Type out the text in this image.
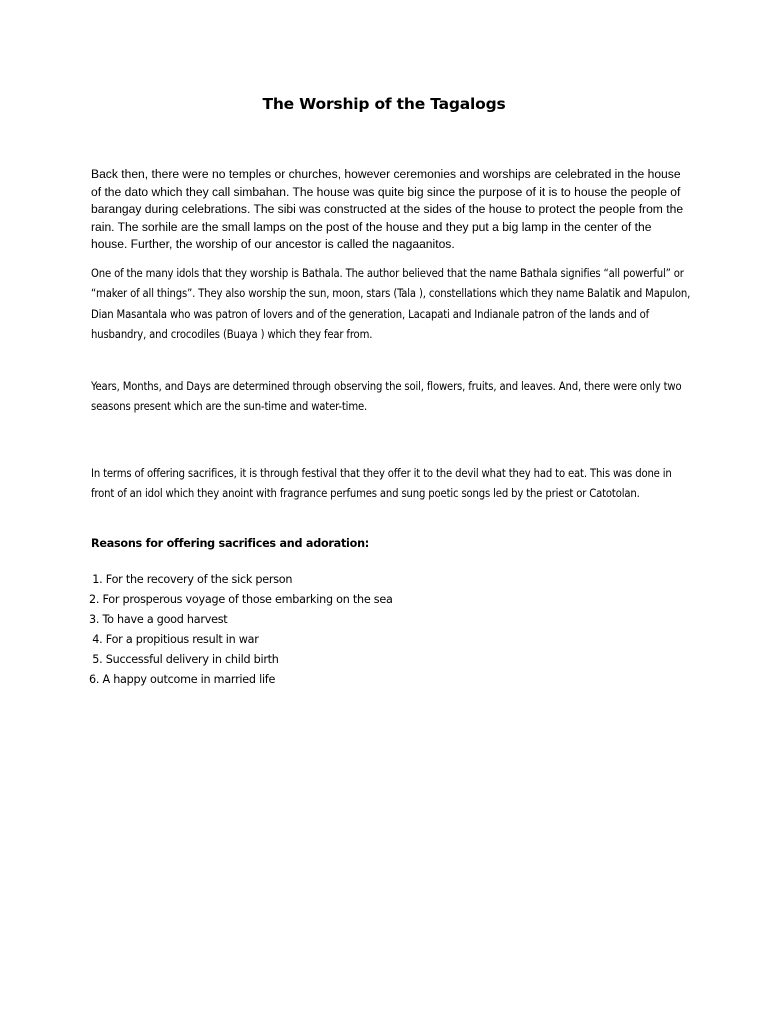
The Worship of the Tagalogs

Back then, there were no temples or churches, however ceremonies and worships are celebrated in the house of the dato which they call simbahan. The house was quite big since the purpose of it is to house the people of barangay during celebrations. The sibi was constructed at the sides of the house to protect the people from the rain. The sorhile are the small lamps on the post of the house and they put a big lamp in the center of the house. Further, the worship of our ancestor is called the nagaanitos.

One of the many idols that they worship is Bathala. The author believed that the name Bathala signifies “all powerful” or “maker of all things”. They also worship the sun, moon, stars (Tala ), constellations which they name Balatik and Mapulon, Dian Masantala who was patron of lovers and of the generation, Lacapati and Indianale patron of the lands and of husbandry, and crocodiles (Buaya ) which they fear from.

Years, Months, and Days are determined through observing the soil, flowers, fruits, and leaves. And, there were only two seasons present which are the sun-time and water-time.

In terms of offering sacrifices, it is through festival that they offer it to the devil what they had to eat. This was done in front of an idol which they anoint with fragrance perfumes and sung poetic songs led by the priest or Catotolan.

Reasons for offering sacrifices and adoration:

1. For the recovery of the sick person
2. For prosperous voyage of those embarking on the sea
3. To have a good harvest
4. For a propitious result in war
5. Successful delivery in child birth
6. A happy outcome in married life
